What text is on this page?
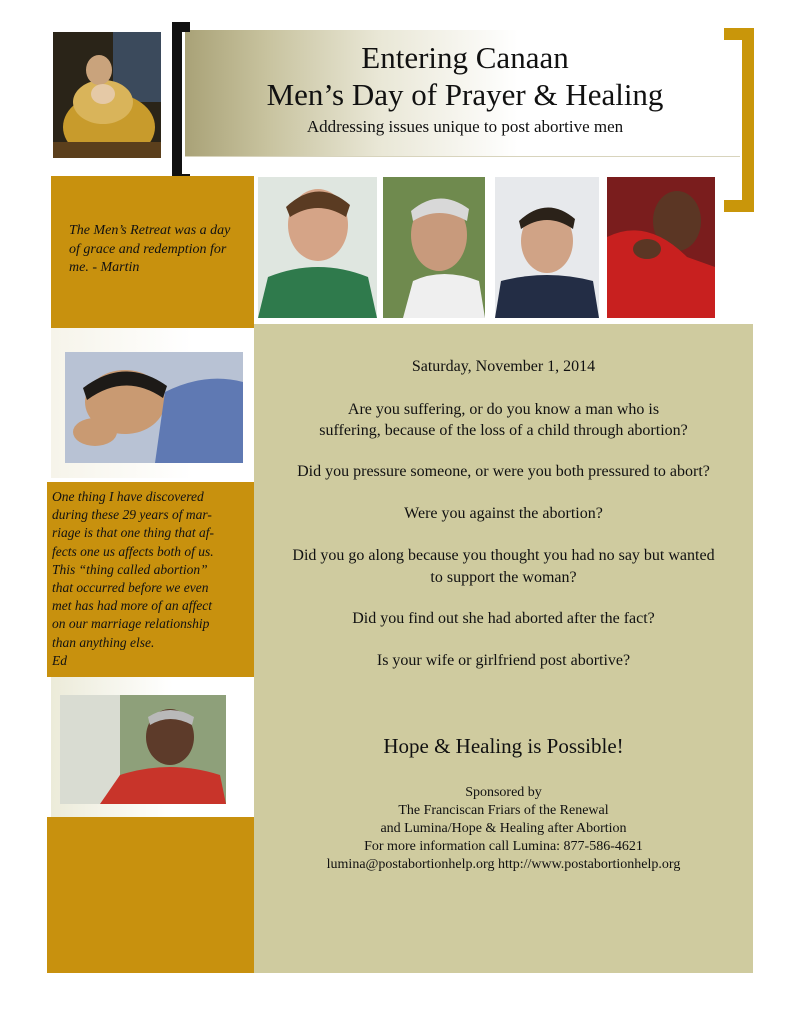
Entering Canaan
Men’s Day of Prayer & Healing
Addressing issues unique to post abortive men
The Men’s Retreat was a day of grace and redemption for me. - Martin
One thing I have discovered
during these 29 years of mar-
riage is that one thing that af-
fects one us affects both of us.
This “thing called abortion”
that occurred before we even
met has had more of an affect
on our marriage relationship
than anything else.
Ed

Saturday, November 1, 2014

Are you suffering, or do you know a man who is

suffering, because of the loss of a child through abortion?

Did you pressure someone, or were you both pressured to abort?

Were you against the abortion?

Did you go along because you thought you had no say but wanted

to support the woman?

Did you find out she had aborted after the fact?

Is your wife or girlfriend post abortive?

Hope & Healing is Possible!

Sponsored by

The Franciscan Friars of the Renewal

and Lumina/Hope & Healing after Abortion

For more information call Lumina: 877-586-4621

lumina@postabortionhelp.org http://www.postabortionhelp.org
